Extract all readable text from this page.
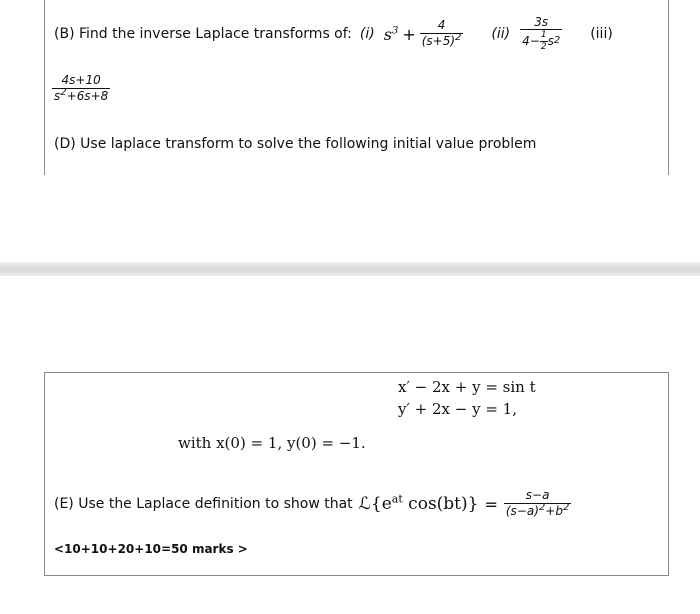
(B) Find the inverse Laplace transforms of: (i) $s^3 + \frac{4}{(s+5)^2} (ii) \frac{3s}{4- \frac{1}{2} s 2} (iii)$
$\frac{4s+10}{s^2+6s+8}$
(D) Use laplace transform to solve the following initial value problem
x′ − 2x + y = sin t
y′ + 2x − y = 1,
with x(0) = 1, y(0) = −1.
(E) Use the Laplace definition to show that $ℒ\{e^{at}$ $\cos(bt)\} = \frac{s-a}{(s-a)^2+b^2}$
<10+10+20+10=50 marks >
